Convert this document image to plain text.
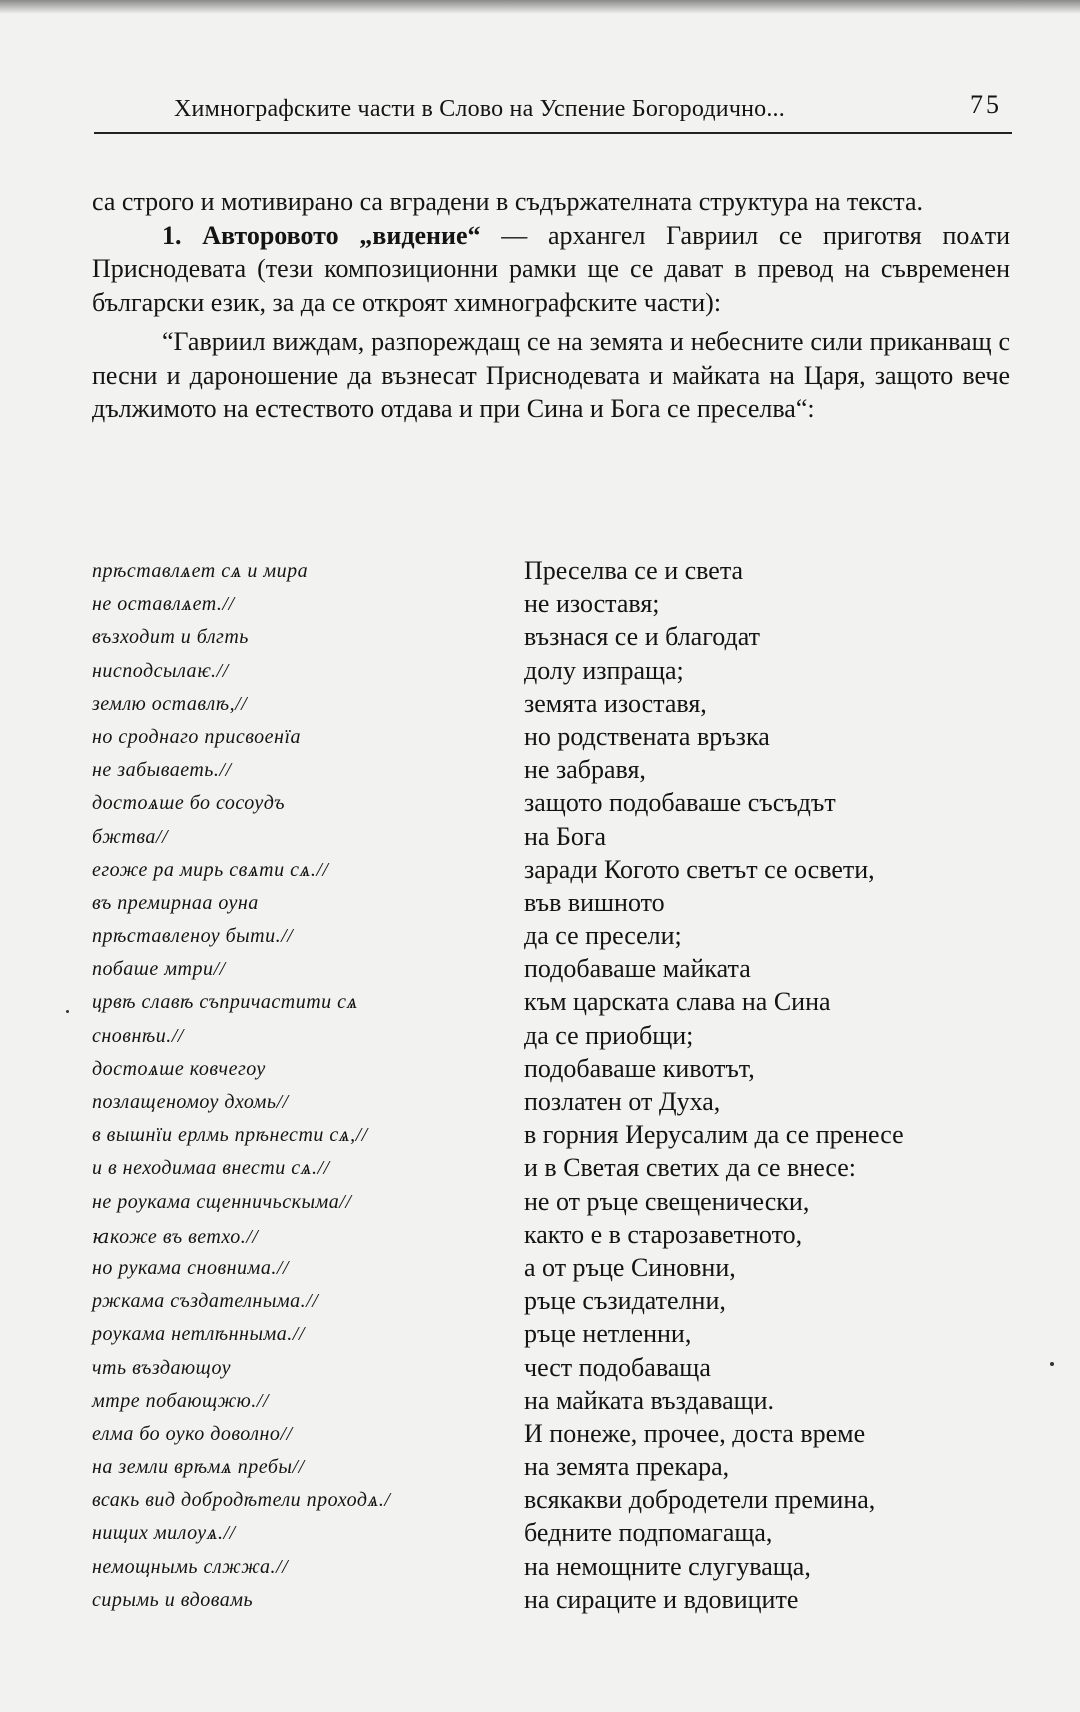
Химнографските части в Слово на Успение Богородично...	75

са строго и мотивирано са вградени в съдържателната структура на текста.

1. Авторовото „видение“ — архангел Гавриил се приготвя поѧти Приснодевата (тези композиционни рамки ще се дават в превод на съвременен български език, за да се откроят химнографските части):

“Гавриил виждам, разпореждащ се на земята и небесните сили приканващ с песни и дароношение да възнесат Приснодевата и майката на Царя, защото вече дължимото на естеството отдава и при Сина и Бога се преселва“:

прѣставлѧет сѧ и мира	Преселва се и света
не оставлѧет.//	не изоставя;
възходит и блгть	възнася се и благодат
нисподсылаѥ.//	долу изпраща;
землю оставлѣ,//	земята изоставя,
но сроднаго присвоенїа	но родствената връзка
не забываеть.//	не забравя,
достоѧше бо сосоудъ	защото подобаваше съсъдът
бжтва//	на Бога
егоже ра мирь свѧти сѧ.//	заради Когото светът се освети,
въ премирнаа оуна	във вишното
прѣставленоу быти.//	да се пресели;
побаше мтри//	подобаваше майката
црвѣ славѣ съпричастити сѧ	към царската слава на Сина
сновнѣи.//	да се приобщи;
достоѧше ковчегоу	подобаваше кивотът,
позлащеномоу дхомь//	позлатен от Духа,
в вышнїи ерлмь прѣнести сѧ,//	в горния Иерусалим да се пренесе
и в неходимаа внести сѧ.//	и в Светая светих да се внесе:
не роукама сщенничьскыма//	не от ръце свещенически,
ꙗкоже въ ветхо.//	както е в старозаветното,
но рукама сновнима.//	а от ръце Синовни,
ржкама създателныма.//	ръце съзидателни,
роукама нетлѣнныма.//	ръце нетленни,
чть въздающоу	чест подобаваща
мтре побающжю.//	на майката въздаващи.
елма бо оуко доволно//	И понеже, прочее, доста време
на земли врѣмѧ пребы//	на земята прекара,
всакь вид добродѣтели проходѧ./	всякакви добродетели премина,
нищих милоуѧ.//	бедните подпомагаща,
немощнымь слжжа.//	на немощните слугуваща,
сирымь и вдовамь	на сираците и вдовиците
